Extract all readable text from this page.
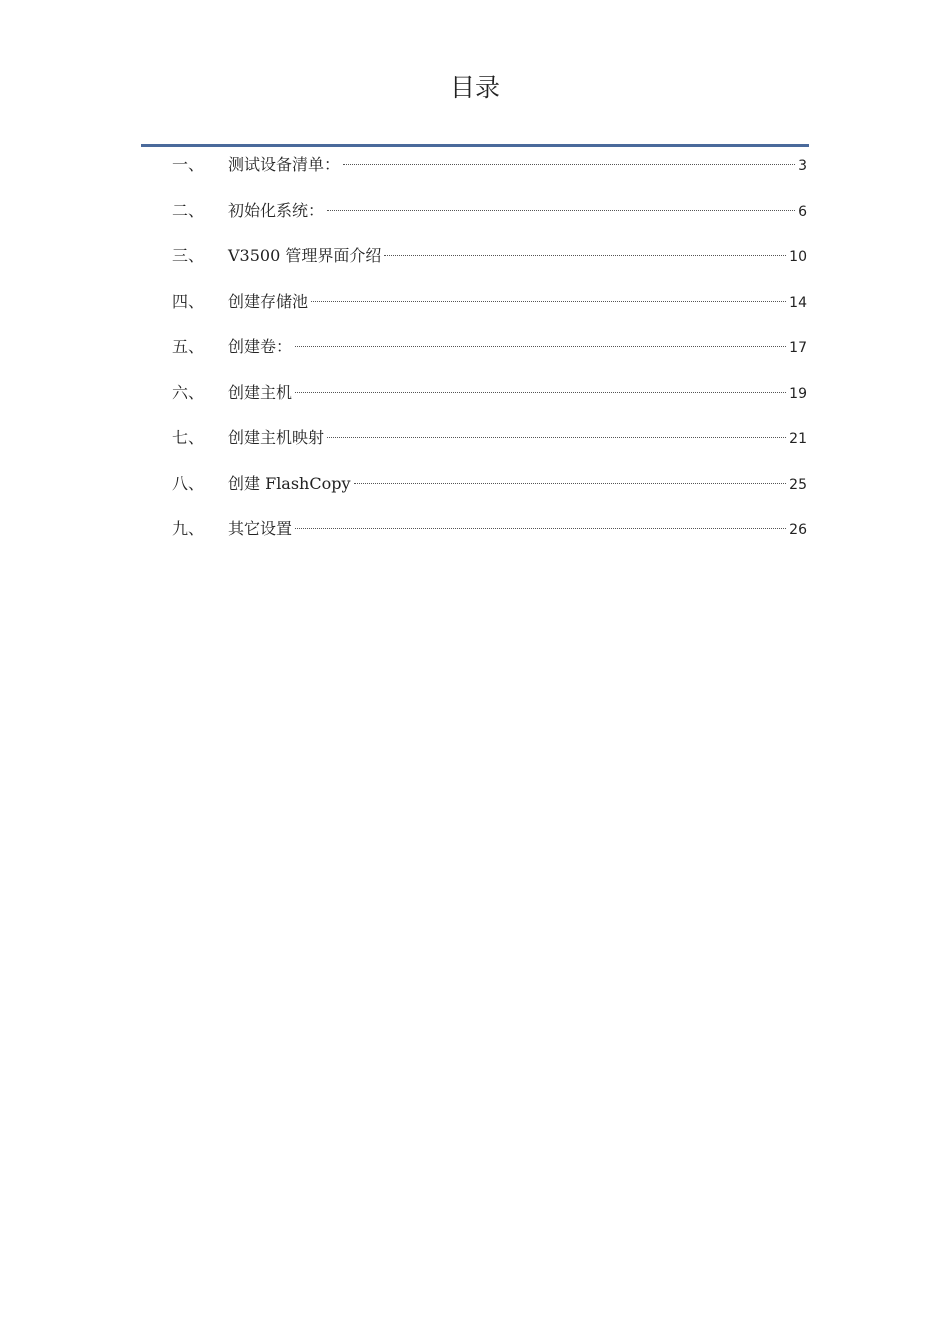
目录
一、	测试设备清单：	3
二、	初始化系统：	6
三、	V3500 管理界面介绍	10
四、	创建存储池	14
五、	创建卷：	17
六、	创建主机	19
七、	创建主机映射	21
八、	创建 FlashCopy	25
九、	其它设置	26
